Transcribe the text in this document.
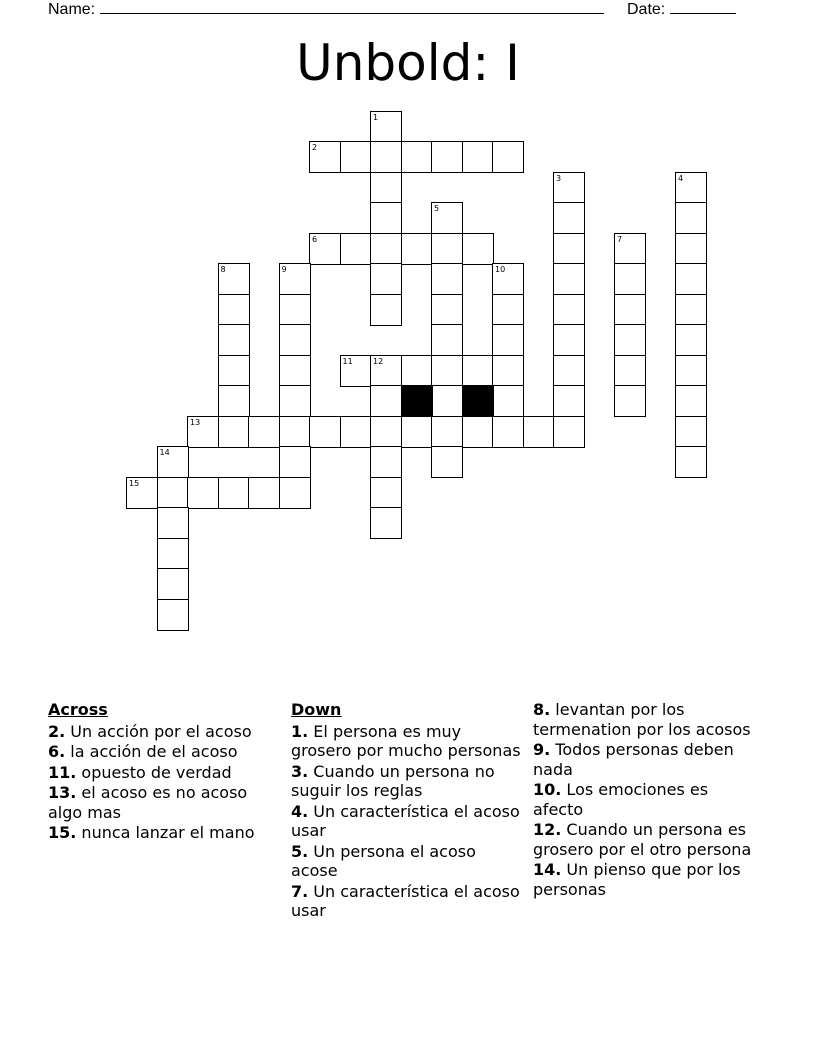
Name:	Date:
Unbold: I
1
2
3	4
5
6	7
8	9	10
11	12
13
14
15
Across
2. Un acción por el acoso
6. la acción de el acoso
11. opuesto de verdad
13. el acoso es no acoso algo mas
15. nunca lanzar el mano
Down
1. El persona es muy grosero por mucho personas
3. Cuando un persona no suguir los reglas
4. Un característica el acoso usar
5. Un persona el acoso acose
7. Un característica el acoso usar
8. levantan por los termenation por los acosos
9. Todos personas deben nada
10. Los emociones es afecto
12. Cuando un persona es grosero por el otro persona
14. Un pienso que por los personas
